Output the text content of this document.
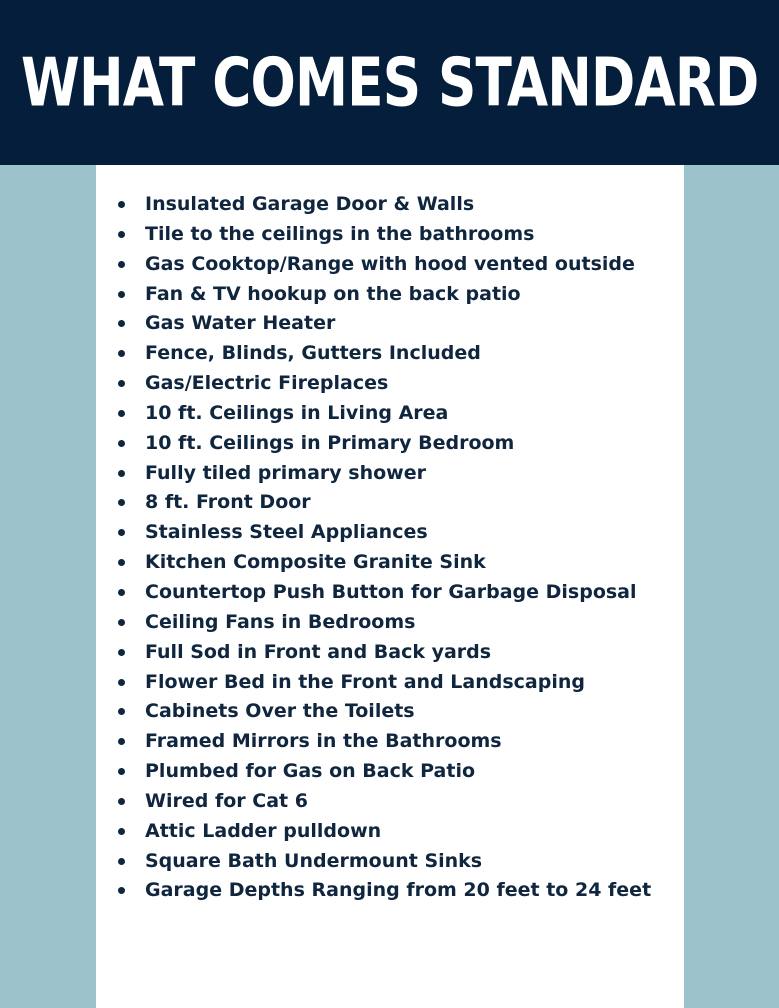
WHAT COMES STANDARD
Insulated Garage Door & Walls
Tile to the ceilings in the bathrooms
Gas Cooktop/Range with hood vented outside
Fan & TV hookup on the back patio
Gas Water Heater
Fence, Blinds, Gutters Included
Gas/Electric Fireplaces
10 ft. Ceilings in Living Area
10 ft. Ceilings in Primary Bedroom
Fully tiled primary shower
8 ft. Front Door
Stainless Steel Appliances
Kitchen Composite Granite Sink
Countertop Push Button for Garbage Disposal
Ceiling Fans in Bedrooms
Full Sod in Front and Back yards
Flower Bed in the Front and Landscaping
Cabinets Over the Toilets
Framed Mirrors in the Bathrooms
Plumbed for Gas on Back Patio
Wired for Cat 6
Attic Ladder pulldown
Square Bath Undermount Sinks
Garage Depths Ranging from 20 feet to 24 feet
